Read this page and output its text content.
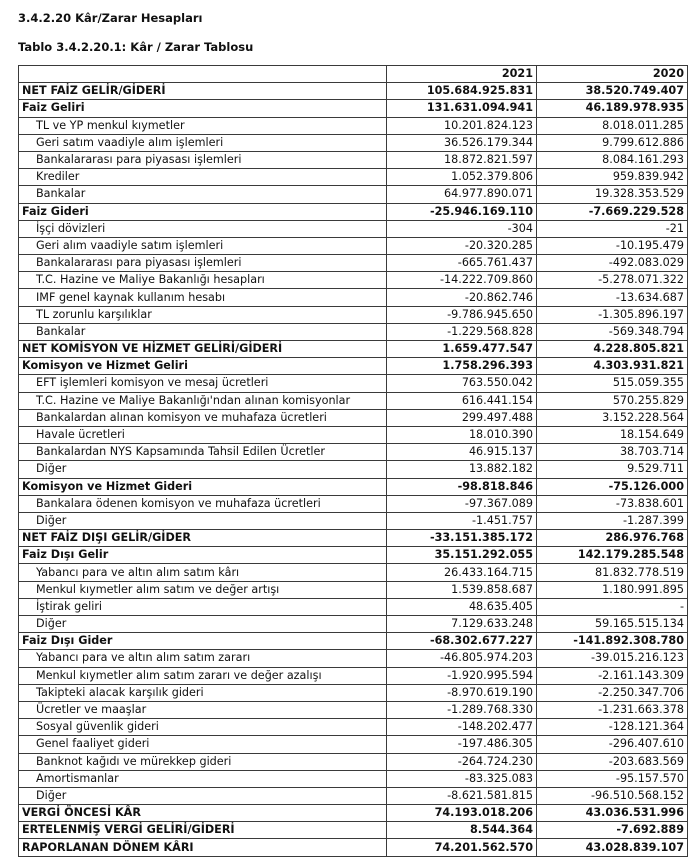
3.4.2.20 Kâr/Zarar Hesapları
Tablo 3.4.2.20.1: Kâr / Zarar Tablosu
	2021	2020
NET FAİZ GELİR/GİDERİ	105.684.925.831	38.520.749.407
Faiz Geliri	131.631.094.941	46.189.978.935
TL ve YP menkul kıymetler	10.201.824.123	8.018.011.285
Geri satım vaadiyle alım işlemleri	36.526.179.344	9.799.612.886
Bankalararası para piyasası işlemleri	18.872.821.597	8.084.161.293
Krediler	1.052.379.806	959.839.942
Bankalar	64.977.890.071	19.328.353.529
Faiz Gideri	-25.946.169.110	-7.669.229.528
İşçi dövizleri	-304	-21
Geri alım vaadiyle satım işlemleri	-20.320.285	-10.195.479
Bankalararası para piyasası işlemleri	-665.761.437	-492.083.029
T.C. Hazine ve Maliye Bakanlığı hesapları	-14.222.709.860	-5.278.071.322
IMF genel kaynak kullanım hesabı	-20.862.746	-13.634.687
TL zorunlu karşılıklar	-9.786.945.650	-1.305.896.197
Bankalar	-1.229.568.828	-569.348.794
NET KOMİSYON VE HİZMET GELİRİ/GİDERİ	1.659.477.547	4.228.805.821
Komisyon ve Hizmet Geliri	1.758.296.393	4.303.931.821
EFT işlemleri komisyon ve mesaj ücretleri	763.550.042	515.059.355
T.C. Hazine ve Maliye Bakanlığı'ndan alınan komisyonlar	616.441.154	570.255.829
Bankalardan alınan komisyon ve muhafaza ücretleri	299.497.488	3.152.228.564
Havale ücretleri	18.010.390	18.154.649
Bankalardan NYS Kapsamında Tahsil Edilen Ücretler	46.915.137	38.703.714
Diğer	13.882.182	9.529.711
Komisyon ve Hizmet Gideri	-98.818.846	-75.126.000
Bankalara ödenen komisyon ve muhafaza ücretleri	-97.367.089	-73.838.601
Diğer	-1.451.757	-1.287.399
NET FAİZ DIŞI GELİR/GİDER	-33.151.385.172	286.976.768
Faiz Dışı Gelir	35.151.292.055	142.179.285.548
Yabancı para ve altın alım satım kârı	26.433.164.715	81.832.778.519
Menkul kıymetler alım satım ve değer artışı	1.539.858.687	1.180.991.895
İştirak geliri	48.635.405	-
Diğer	7.129.633.248	59.165.515.134
Faiz Dışı Gider	-68.302.677.227	-141.892.308.780
Yabancı para ve altın alım satım zararı	-46.805.974.203	-39.015.216.123
Menkul kıymetler alım satım zararı ve değer azalışı	-1.920.995.594	-2.161.143.309
Takipteki alacak karşılık gideri	-8.970.619.190	-2.250.347.706
Ücretler ve maaşlar	-1.289.768.330	-1.231.663.378
Sosyal güvenlik gideri	-148.202.477	-128.121.364
Genel faaliyet gideri	-197.486.305	-296.407.610
Banknot kağıdı ve mürekkep gideri	-264.724.230	-203.683.569
Amortismanlar	-83.325.083	-95.157.570
Diğer	-8.621.581.815	-96.510.568.152
VERGİ ÖNCESİ KÂR	74.193.018.206	43.036.531.996
ERTELENMİŞ VERGİ GELİRİ/GİDERİ	8.544.364	-7.692.889
RAPORLANAN DÖNEM KÂRI	74.201.562.570	43.028.839.107
